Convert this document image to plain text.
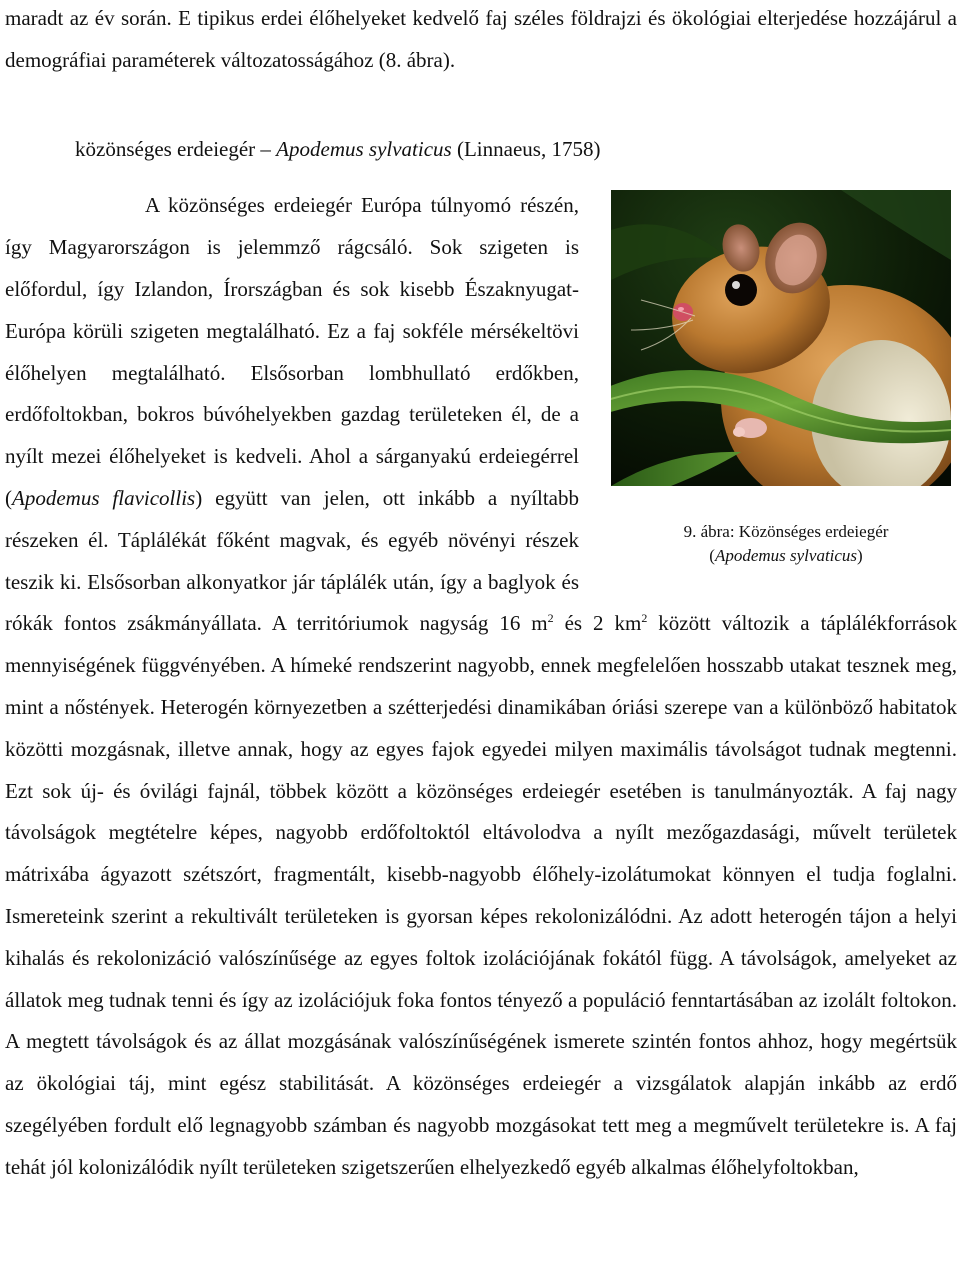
maradt az év során. E tipikus erdei élőhelyeket kedvelő faj széles földrajzi és ökológiai elterjedése hozzájárul a demográfiai paraméterek változatosságához (8. ábra).

közönséges erdeiegér – Apodemus sylvaticus (Linnaeus, 1758)
9. ábra: Közönséges erdeiegér
(Apodemus sylvaticus)

A közönséges erdeiegér Európa túlnyomó részén, így Magyarországon is jelemmző rágcsáló. Sok szigeten is előfordul, így Izlandon, Írországban és sok kisebb Északnyugat-Európa körüli szigeten megtalálható. Ez a faj sokféle mérsékeltövi élőhelyen megtalálható. Elsősorban lombhullató erdőkben, erdőfoltokban, bokros búvóhelyekben gazdag területeken él, de a nyílt mezei élőhelyeket is kedveli. Ahol a sárganyakú erdeiegérrel (Apodemus flavicollis) együtt van jelen, ott inkább a nyíltabb részeken él. Táplálékát főként magvak, és egyéb növényi részek teszik ki. Elsősorban alkonyatkor jár táplálék után, így a baglyok és rókák fontos zsákmányállata. A territóriumok nagyság 16 $m^2$ és 2 $km^2$ között változik a táplálékforrások mennyiségének függvényében. A hímeké rendszerint nagyobb, ennek megfelelően hosszabb utakat tesznek meg, mint a nőstények. Heterogén környezetben a szétterjedési dinamikában óriási szerepe van a különböző habitatok közötti mozgásnak, illetve annak, hogy az egyes fajok egyedei milyen maximális távolságot tudnak megtenni. Ezt sok új- és óvilági fajnál, többek között a közönséges erdeiegér esetében is tanulmányozták. A faj nagy távolságok megtételre képes, nagyobb erdőfoltoktól eltávolodva a nyílt mezőgazdasági, művelt területek mátrixába ágyazott szétszórt, fragmentált, kisebb-nagyobb élőhely-izolátumokat könnyen el tudja foglalni. Ismereteink szerint a rekultivált területeken is gyorsan képes rekolonizálódni. Az adott heterogén tájon a helyi kihalás és rekolonizáció valószínűsége az egyes foltok izolációjának fokától függ. A távolságok, amelyeket az állatok meg tudnak tenni és így az izolációjuk foka fontos tényező a populáció fenntartásában az izolált foltokon. A megtett távolságok és az állat mozgásának valószínűségének ismerete szintén fontos ahhoz, hogy megértsük az ökológiai táj, mint egész stabilitását. A közönséges erdeiegér a vizsgálatok alapján inkább az erdő szegélyében fordult elő legnagyobb számban és nagyobb mozgásokat tett meg a megművelt területekre is. A faj tehát jól kolonizálódik nyílt területeken szigetszerűen elhelyezkedő egyéb alkalmas élőhelyfoltokban,
